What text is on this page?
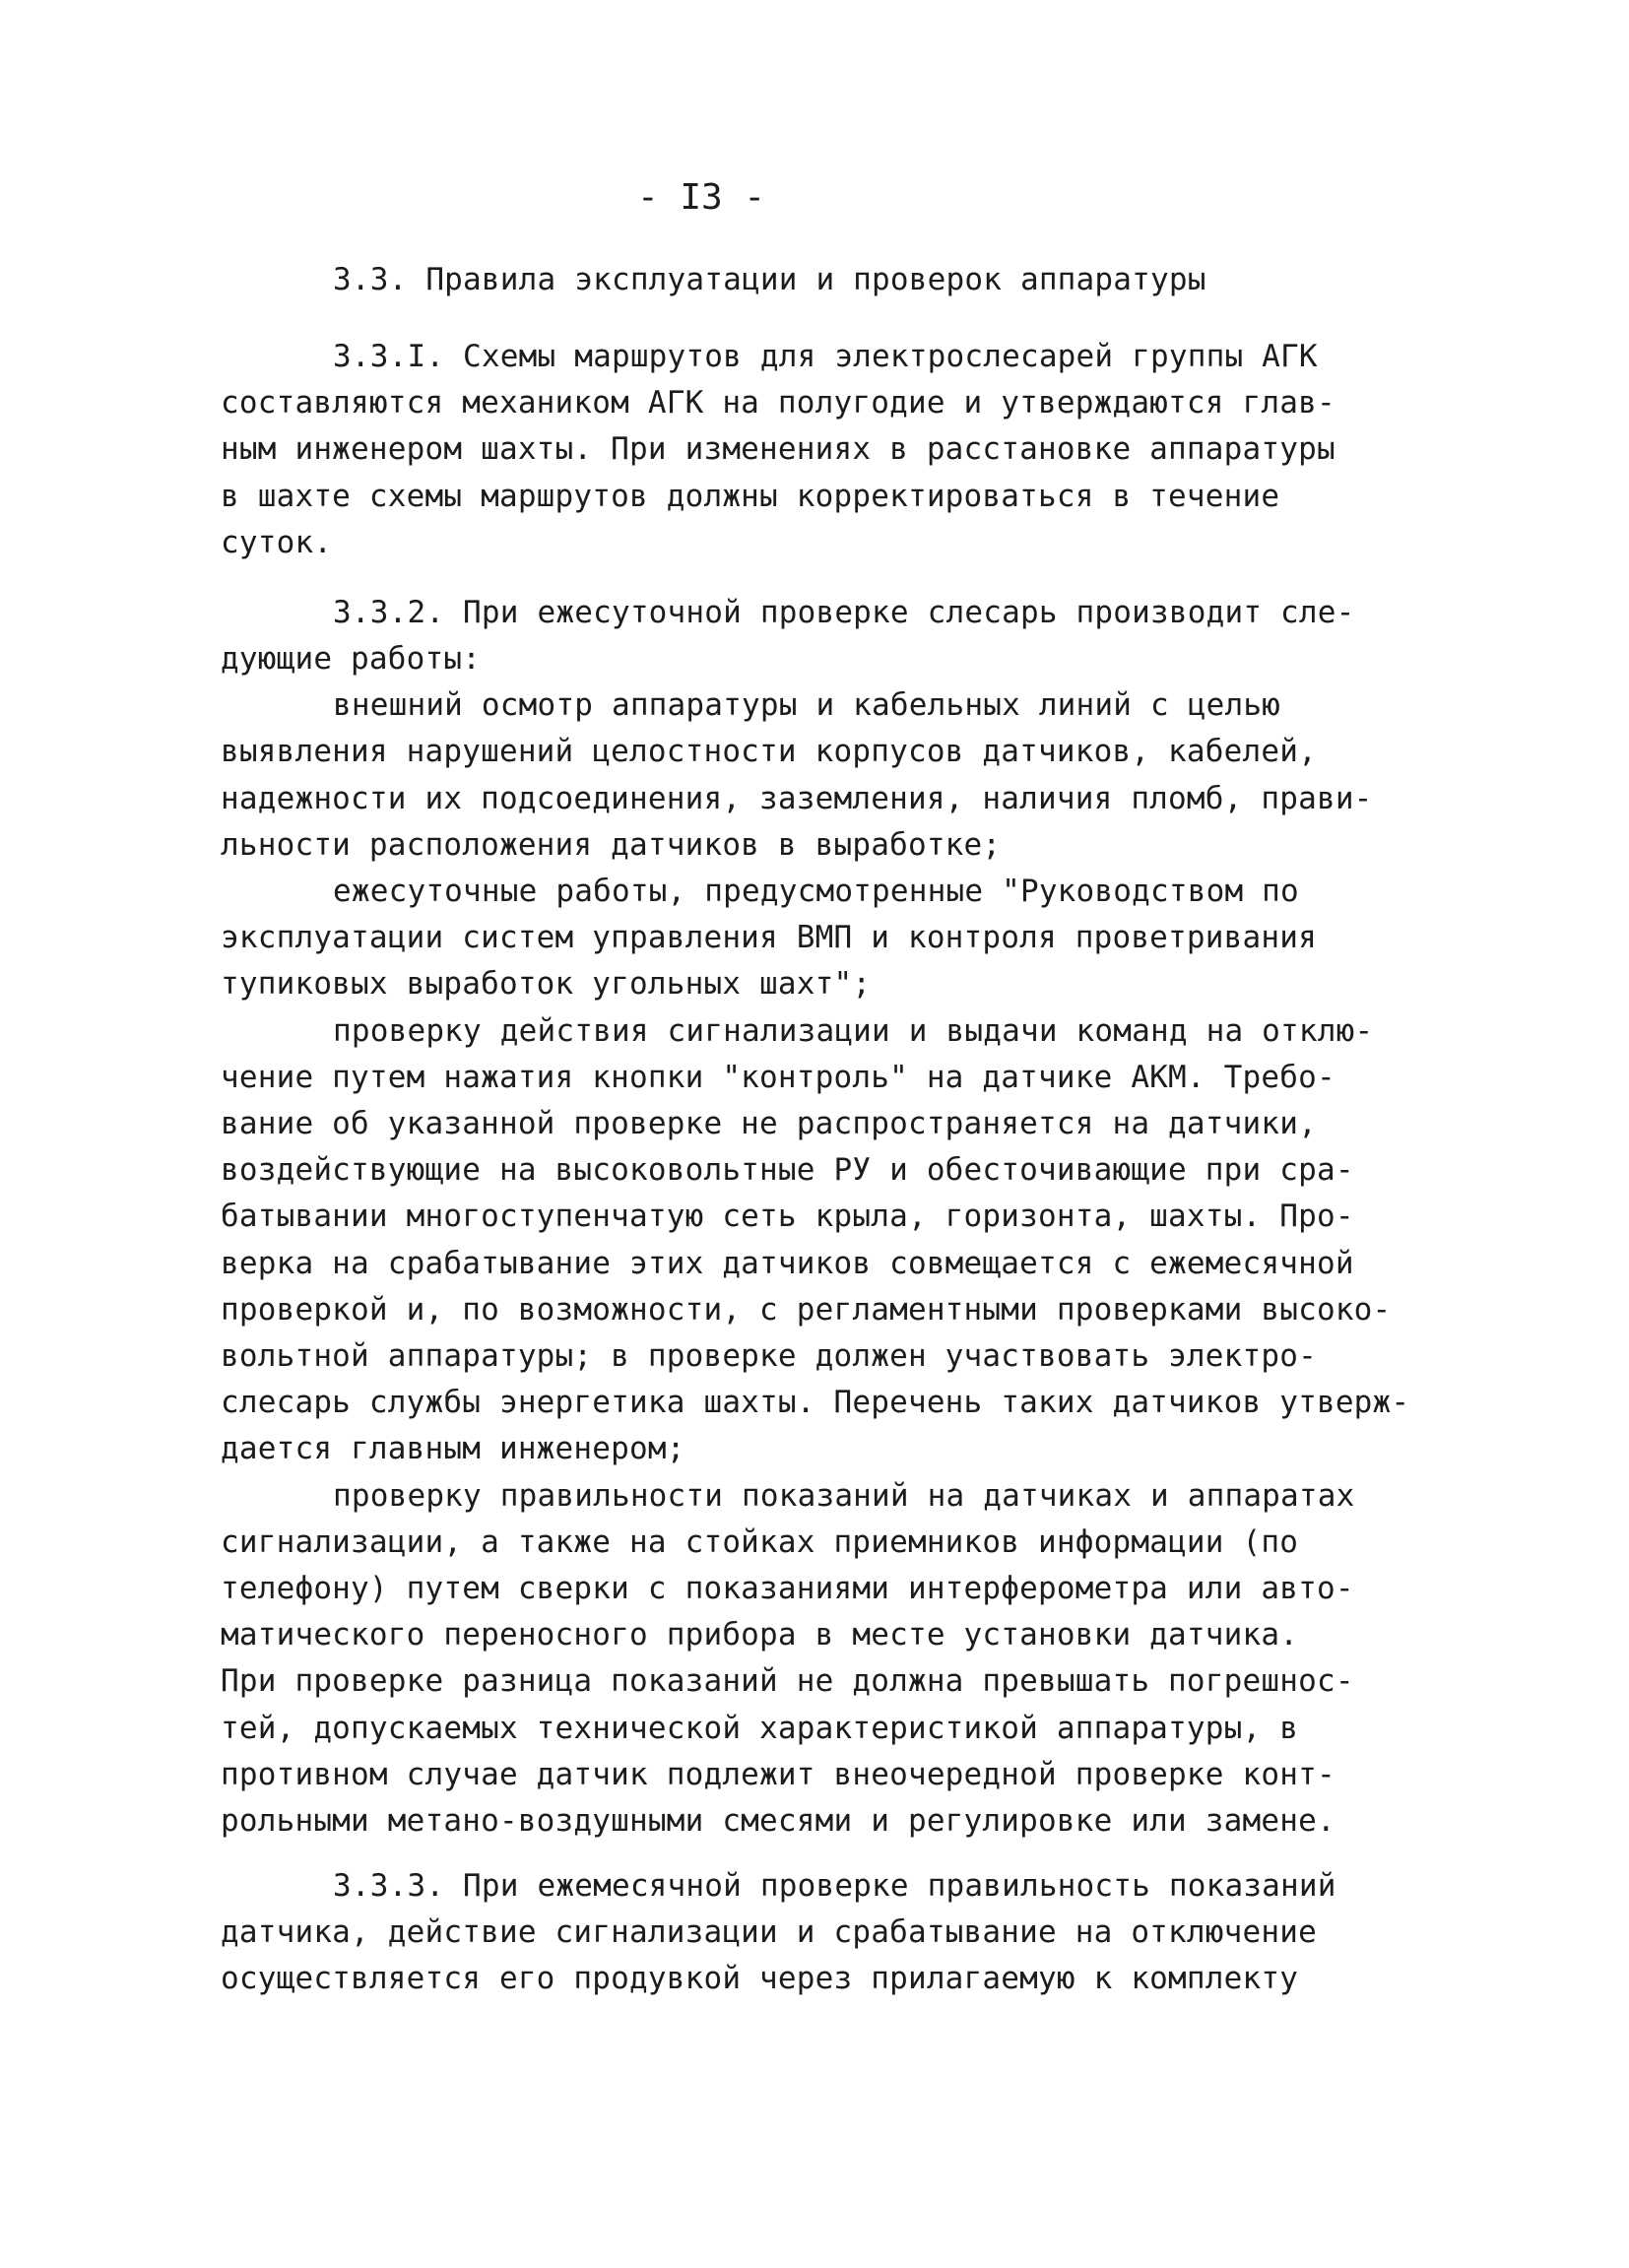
- I3 -
3.3. Правила эксплуатации и проверок аппаратуры
3.3.I. Схемы маршрутов для электрослесарей группы АГК
составляются механиком АГК на полугодие и утверждаются глав-
ным инженером шахты. При изменениях в расстановке аппаратуры
в шахте схемы маршрутов должны корректироваться в течение
суток.
3.3.2. При ежесуточной проверке слесарь производит сле-
дующие работы:
внешний осмотр аппаратуры и кабельных линий с целью
выявления нарушений целостности корпусов датчиков, кабелей,
надежности их подсоединения, заземления, наличия пломб, прави-
льности расположения датчиков в выработке;
ежесуточные работы, предусмотренные "Руководством по
эксплуатации систем управления ВМП и контроля проветривания
тупиковых выработок угольных шахт";
проверку действия сигнализации и выдачи команд на отклю-
чение путем нажатия кнопки "контроль" на датчике АКМ. Требо-
вание об указанной проверке не распространяется на датчики,
воздействующие на высоковольтные РУ и обесточивающие при сра-
батывании многоступенчатую сеть крыла, горизонта, шахты. Про-
верка на срабатывание этих датчиков совмещается с ежемесячной
проверкой и, по возможности, с регламентными проверками высоко-
вольтной аппаратуры; в проверке должен участвовать электро-
слесарь службы энергетика шахты. Перечень таких датчиков утверж-
дается главным инженером;
проверку правильности показаний на датчиках и аппаратах
сигнализации, а также на стойках приемников информации (по
телефону) путем сверки с показаниями интерферометра или авто-
матического переносного прибора в месте установки датчика.
При проверке разница показаний не должна превышать погрешнос-
тей, допускаемых технической характеристикой аппаратуры, в
противном случае датчик подлежит внеочередной проверке конт-
рольными метано-воздушными смесями и регулировке или замене.
3.3.3. При ежемесячной проверке правильность показаний
датчика, действие сигнализации и срабатывание на отключение
осуществляется его продувкой через прилагаемую к комплекту
